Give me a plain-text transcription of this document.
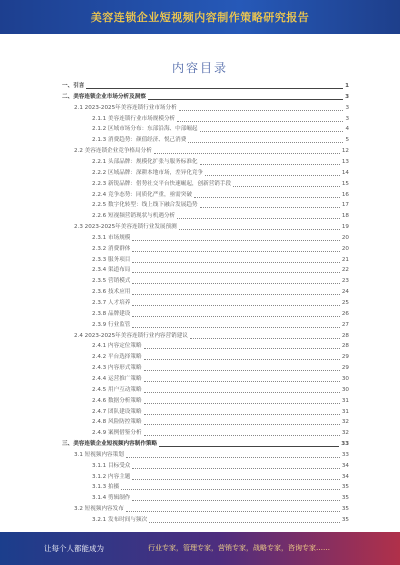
美容连锁企业短视频内容制作策略研究报告
内容目录
一、引言	1
二、美容连锁企业市场分析及洞察	3
2.1 2023-2025年美容连锁行业市场分析	3
2.1.1 美容连锁行业市场规模分析	3
2.1.2 区域市场分布：东部沿海、中部崛起	4
2.1.3 消费趋势：颜值经济、悦己消费	5
2.2 美容连锁企业竞争格局分析	12
2.2.1 头部品牌：规模化扩张与服务标准化	13
2.2.2 区域品牌：深耕本地市场，差异化竞争	14
2.2.3 新锐品牌：借势社交平台快速崛起，创新营销手段	15
2.2.4 竞争态势：同质化严重，亟需突破	16
2.2.5 数字化转型：线上线下融合发展趋势	17
2.2.6 短视频营销现状与机遇分析	18
2.3 2023-2025年美容连锁行业发展预测	19
2.3.1 市场规模	20
2.3.2 消费群体	20
2.3.3 服务项目	21
2.3.4 渠道布局	22
2.3.5 营销模式	23
2.3.6 技术应用	24
2.3.7 人才培养	25
2.3.8 品牌建设	26
2.3.9 行业监管	27
2.4 2023-2025年美容连锁行业内容营销建议	28
2.4.1 内容定位策略	28
2.4.2 平台选择策略	29
2.4.3 内容形式策略	29
2.4.4 运营推广策略	30
2.4.5 用户互动策略	30
2.4.6 数据分析策略	31
2.4.7 团队建设策略	31
2.4.8 风险防控策略	32
2.4.9 案例借鉴分析	32
三、美容连锁企业短视频内容制作策略	33
3.1 短视频内容策划	33
3.1.1 目标受众	34
3.1.2 内容主题	34
3.1.3 拍摄	35
3.1.4 剪辑制作	35
3.2 短视频内容发布	35
3.2.1 发布时间与频次	35
让每个人都能成为	行业专家，管理专家，营销专家，战略专家，咨询专家……
